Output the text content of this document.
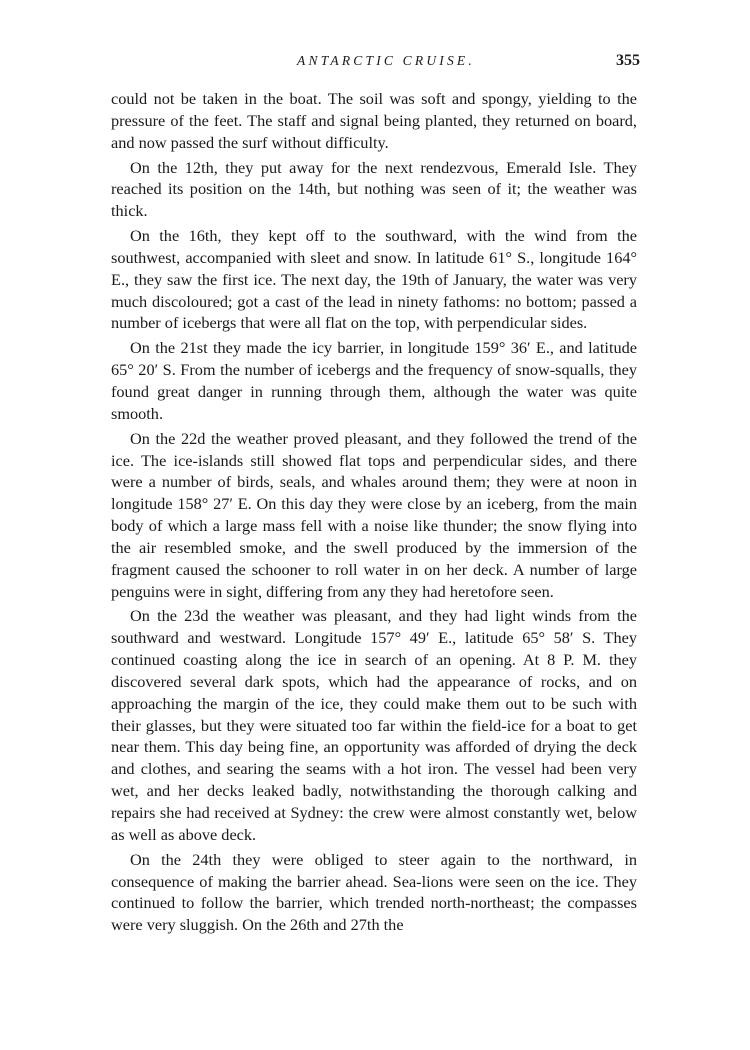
ANTARCTIC CRUISE.	355

could not be taken in the boat. The soil was soft and spongy, yielding to the pressure of the feet. The staff and signal being planted, they returned on board, and now passed the surf without difficulty.

On the 12th, they put away for the next rendezvous, Emerald Isle. They reached its position on the 14th, but nothing was seen of it; the weather was thick.

On the 16th, they kept off to the southward, with the wind from the southwest, accompanied with sleet and snow. In latitude 61° S., longitude 164° E., they saw the first ice. The next day, the 19th of January, the water was very much discoloured; got a cast of the lead in ninety fathoms: no bottom; passed a number of icebergs that were all flat on the top, with perpendicular sides.

On the 21st they made the icy barrier, in longitude 159° 36′ E., and latitude 65° 20′ S. From the number of icebergs and the frequency of snow-squalls, they found great danger in running through them, although the water was quite smooth.

On the 22d the weather proved pleasant, and they followed the trend of the ice. The ice-islands still showed flat tops and perpendicular sides, and there were a number of birds, seals, and whales around them; they were at noon in longitude 158° 27′ E. On this day they were close by an iceberg, from the main body of which a large mass fell with a noise like thunder; the snow flying into the air resembled smoke, and the swell produced by the immersion of the fragment caused the schooner to roll water in on her deck. A number of large penguins were in sight, differing from any they had heretofore seen.

On the 23d the weather was pleasant, and they had light winds from the southward and westward. Longitude 157° 49′ E., latitude 65° 58′ S. They continued coasting along the ice in search of an opening. At 8 P. M. they discovered several dark spots, which had the appearance of rocks, and on approaching the margin of the ice, they could make them out to be such with their glasses, but they were situated too far within the field-ice for a boat to get near them. This day being fine, an opportunity was afforded of drying the deck and clothes, and searing the seams with a hot iron. The vessel had been very wet, and her decks leaked badly, notwithstanding the thorough calking and repairs she had received at Sydney: the crew were almost constantly wet, below as well as above deck.

On the 24th they were obliged to steer again to the northward, in consequence of making the barrier ahead. Sea-lions were seen on the ice. They continued to follow the barrier, which trended north-northeast; the compasses were very sluggish. On the 26th and 27th the
